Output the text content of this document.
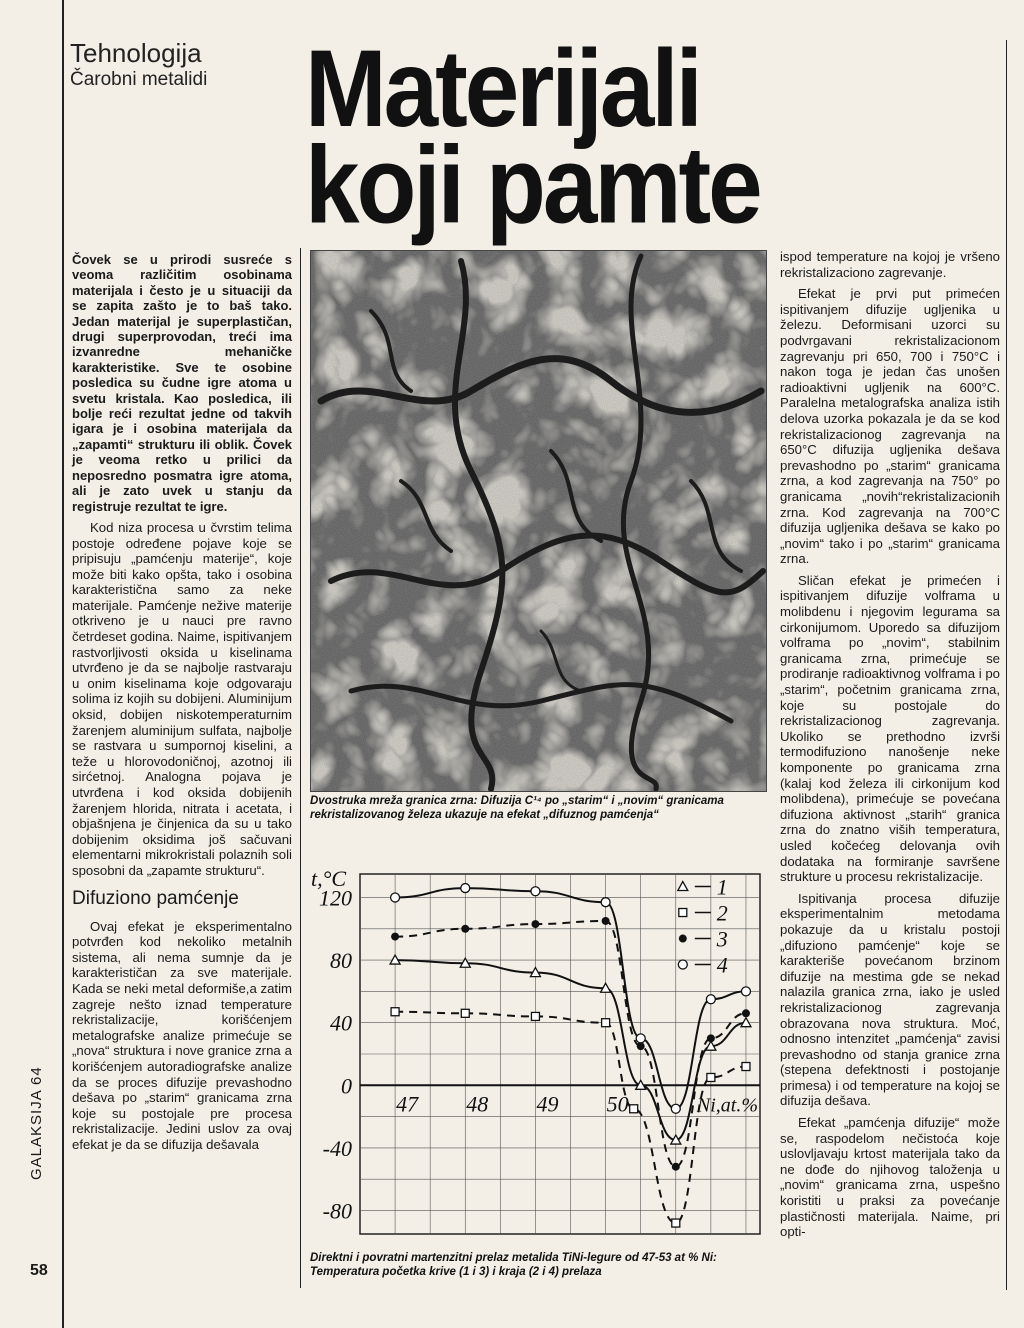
Tehnologija
Čarobni metalidi Materijali
koji pamte

Čovek se u prirodi susreće s veoma različitim osobinama materijala i često je u situaciji da se zapita zašto je to baš tako. Jedan materijal je superplastičan, drugi superprovodan, treći ima izvanredne mehaničke karakteristike. Sve te osobine posledica su čudne igre atoma u svetu kristala. Kao posledica, ili bolje reći rezultat jedne od takvih igara je i osobina materijala da „zapamti“ strukturu ili oblik. Čovek je veoma retko u prilici da neposredno posmatra igre atoma, ali je zato uvek u stanju da registruje rezultat te igre.

Kod niza procesa u čvrstim telima postoje određene pojave koje se pripisuju „pamćenju materije“, koje može biti kako opšta, tako i osobina karakteristična samo za neke materijale. Pamćenje nežive materije otkriveno je u nauci pre ravno četrdeset godina. Naime, ispitivanjem rastvorljivosti oksida u kiselinama utvrđeno je da se najbolje rastvaraju u onim kiselinama koje odgovaraju solima iz kojih su dobijeni. Aluminijum oksid, dobijen niskotemperaturnim žarenjem aluminijum sulfata, najbolje se rastvara u sumpornoj kiselini, a teže u hlorovodoničnoj, azotnoj ili sirćetnoj. Analogna pojava je utvrđena i kod oksida dobijenih žarenjem hlorida, nitrata i acetata, i objašnjena je činjenica da su u tako dobijenim oksidima još sačuvani elementarni mikrokristali polaznih soli sposobni da „zapamte strukturu“.

Difuziono pamćenje

Ovaj efekat je eksperimentalno potvrđen kod nekoliko metalnih sistema, ali nema sumnje da je karakterističan za sve materijale. Kada se neki metal deformiše,a zatim zagreje nešto iznad temperature rekristalizacije, korišćenjem metalografske analize primećuje se „nova“ struktura i nove granice zrna a korišćenjem autoradiografske analize da se proces difuzije prevashodno dešava po „starim“ granicama zrna koje su postojale pre procesa rekristalizacije. Jedini uslov za ovaj efekat je da se difuzija dešavala

Dvostruka mreža granica zrna: Difuzija C¹⁴ po „starim“ i „novim“ granicama rekristalizovanog železa ukazuje na efekat „difuznog pamćenja“
120
80
40
0
-40
-80
47 48 49 50
t,°C
Ni,at.%
1
2
3
4
Direktni i povratni martenzitni prelaz metalida TiNi-legure od 47-53 at % Ni: Temperatura početka krive (1 i 3) i kraja (2 i 4) prelaza

ispod temperature na kojoj je vršeno rekristalizaciono zagrevanje.

Efekat je prvi put primećen ispitivanjem difuzije ugljenika u železu. Deformisani uzorci su podvrgavani rekristalizacionom zagrevanju pri 650, 700 i 750°C i nakon toga je jedan čas unošen radioaktivni ugljenik na 600°C. Paralelna metalografska analiza istih delova uzorka pokazala je da se kod rekristalizacionog zagrevanja na 650°C difuzija ugljenika dešava prevashodno po „starim“ granicama zrna, a kod zagrevanja na 750° po granicama „novih“rekristalizacionih zrna. Kod zagrevanja na 700°C difuzija ugljenika dešava se kako po „novim“ tako i po „starim“ granicama zrna.

Sličan efekat je primećen i ispitivanjem difuzije volframa u molibdenu i njegovim legurama sa cirkonijumom. Uporedo sa difuzijom volframa po „novim“, stabilnim granicama zrna, primećuje se prodiranje radioaktivnog volframa i po „starim“, početnim granicama zrna, koje su postojale do rekristalizacionog zagrevanja. Ukoliko se prethodno izvrši termodifuziono nanošenje neke komponente po granicama zrna (kalaj kod železa ili cirkonijum kod molibdena), primećuje se povećana difuziona aktivnost „starih“ granica zrna do znatno viših temperatura, usled kočećeg delovanja ovih dodataka na formiranje savršene strukture u procesu rekristalizacije.

Ispitivanja procesa difuzije eksperimentalnim metodama pokazuje da u kristalu postoji „difuziono pamćenje“ koje se karakteriše povećanom brzinom difuzije na mestima gde se nekad nalazila granica zrna, iako je usled rekristalizacionog zagrevanja obrazovana nova struktura. Moć, odnosno intenzitet „pamćenja“ zavisi prevashodno od stanja granice zrna (stepena defektnosti i postojanje primesa) i od temperature na kojoj se difuzija dešava.

Efekat „pamćenja difuzije“ može se, raspodelom nečistoća koje uslovljavaju krtost materijala tako da ne dođe do njihovog taloženja u „novim“ granicama zrna, uspešno koristiti u praksi za povećanje plastičnosti materijala. Naime, pri opti-

GALAKSIJA 64
58
